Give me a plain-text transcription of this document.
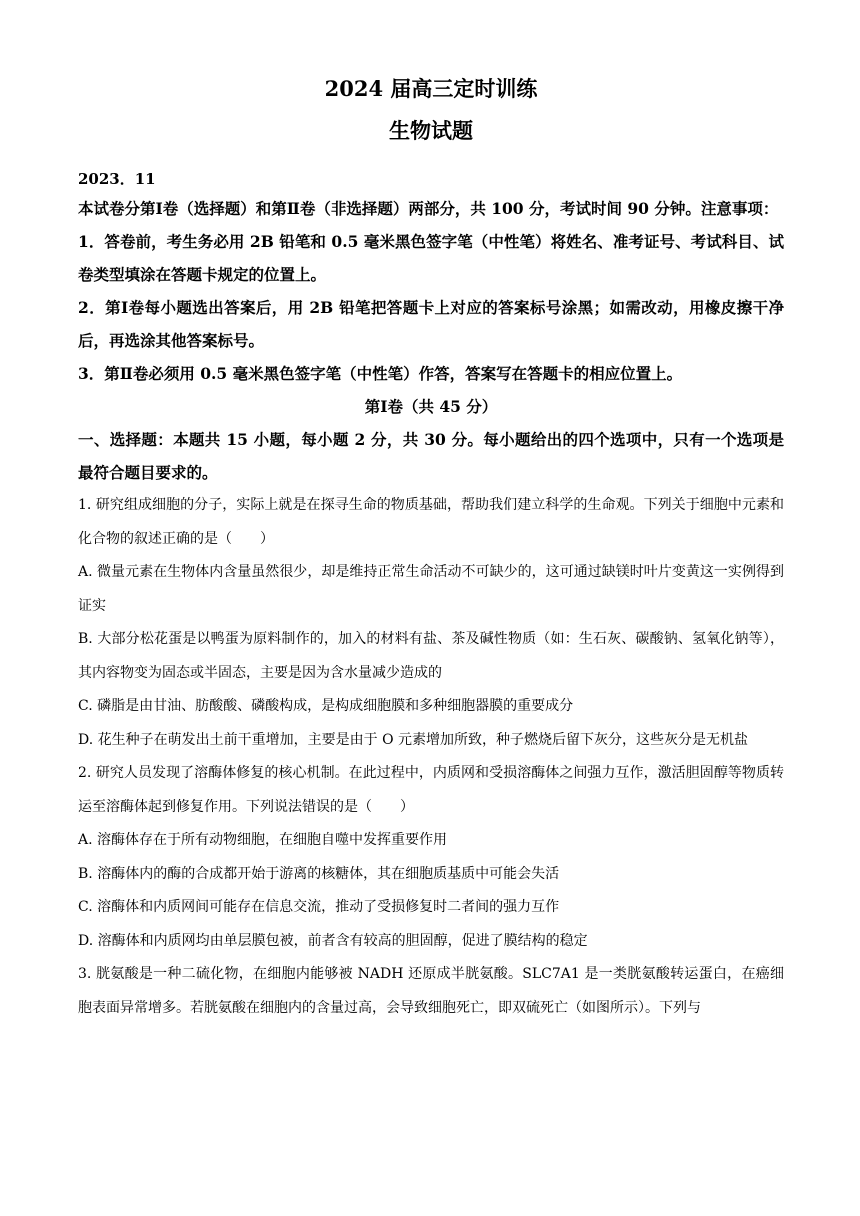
2024 届高三定时训练

生物试题

2023．11

本试卷分第Ⅰ卷（选择题）和第Ⅱ卷（非选择题）两部分，共 100 分，考试时间 90 分钟。注意事项：

1．答卷前，考生务必用 2B 铅笔和 0.5 毫米黑色签字笔（中性笔）将姓名、准考证号、考试科目、试卷类型填涂在答题卡规定的位置上。

2．第Ⅰ卷每小题选出答案后，用 2B 铅笔把答题卡上对应的答案标号涂黑；如需改动，用橡皮擦干净后，再选涂其他答案标号。

3．第Ⅱ卷必须用 0.5 毫米黑色签字笔（中性笔）作答，答案写在答题卡的相应位置上。

第Ⅰ卷（共 45 分）

一、选择题：本题共 15 小题，每小题 2 分，共 30 分。每小题给出的四个选项中，只有一个选项是最符合题目要求的。

1. 研究组成细胞的分子，实际上就是在探寻生命的物质基础，帮助我们建立科学的生命观。下列关于细胞中元素和化合物的叙述正确的是（　　）

A. 微量元素在生物体内含量虽然很少，却是维持正常生命活动不可缺少的，这可通过缺镁时叶片变黄这一实例得到证实

B. 大部分松花蛋是以鸭蛋为原料制作的，加入的材料有盐、茶及碱性物质（如：生石灰、碳酸钠、氢氧化钠等），其内容物变为固态或半固态，主要是因为含水量减少造成的

C. 磷脂是由甘油、肪酸酸、磷酸构成，是构成细胞膜和多种细胞器膜的重要成分

D. 花生种子在萌发出土前干重增加，主要是由于 O 元素增加所致，种子燃烧后留下灰分，这些灰分是无机盐

2. 研究人员发现了溶酶体修复的核心机制。在此过程中，内质网和受损溶酶体之间强力互作，激活胆固醇等物质转运至溶酶体起到修复作用。下列说法错误的是（　　）

A. 溶酶体存在于所有动物细胞，在细胞自噬中发挥重要作用

B. 溶酶体内的酶的合成都开始于游离的核糖体，其在细胞质基质中可能会失活

C. 溶酶体和内质网间可能存在信息交流，推动了受损修复时二者间的强力互作

D. 溶酶体和内质网均由单层膜包被，前者含有较高的胆固醇，促进了膜结构的稳定

3. 胱氨酸是一种二硫化物，在细胞内能够被 NADH 还原成半胱氨酸。SLC7A1 是一类胱氨酸转运蛋白，在癌细胞表面异常增多。若胱氨酸在细胞内的含量过高，会导致细胞死亡，即双硫死亡（如图所示）。下列与
